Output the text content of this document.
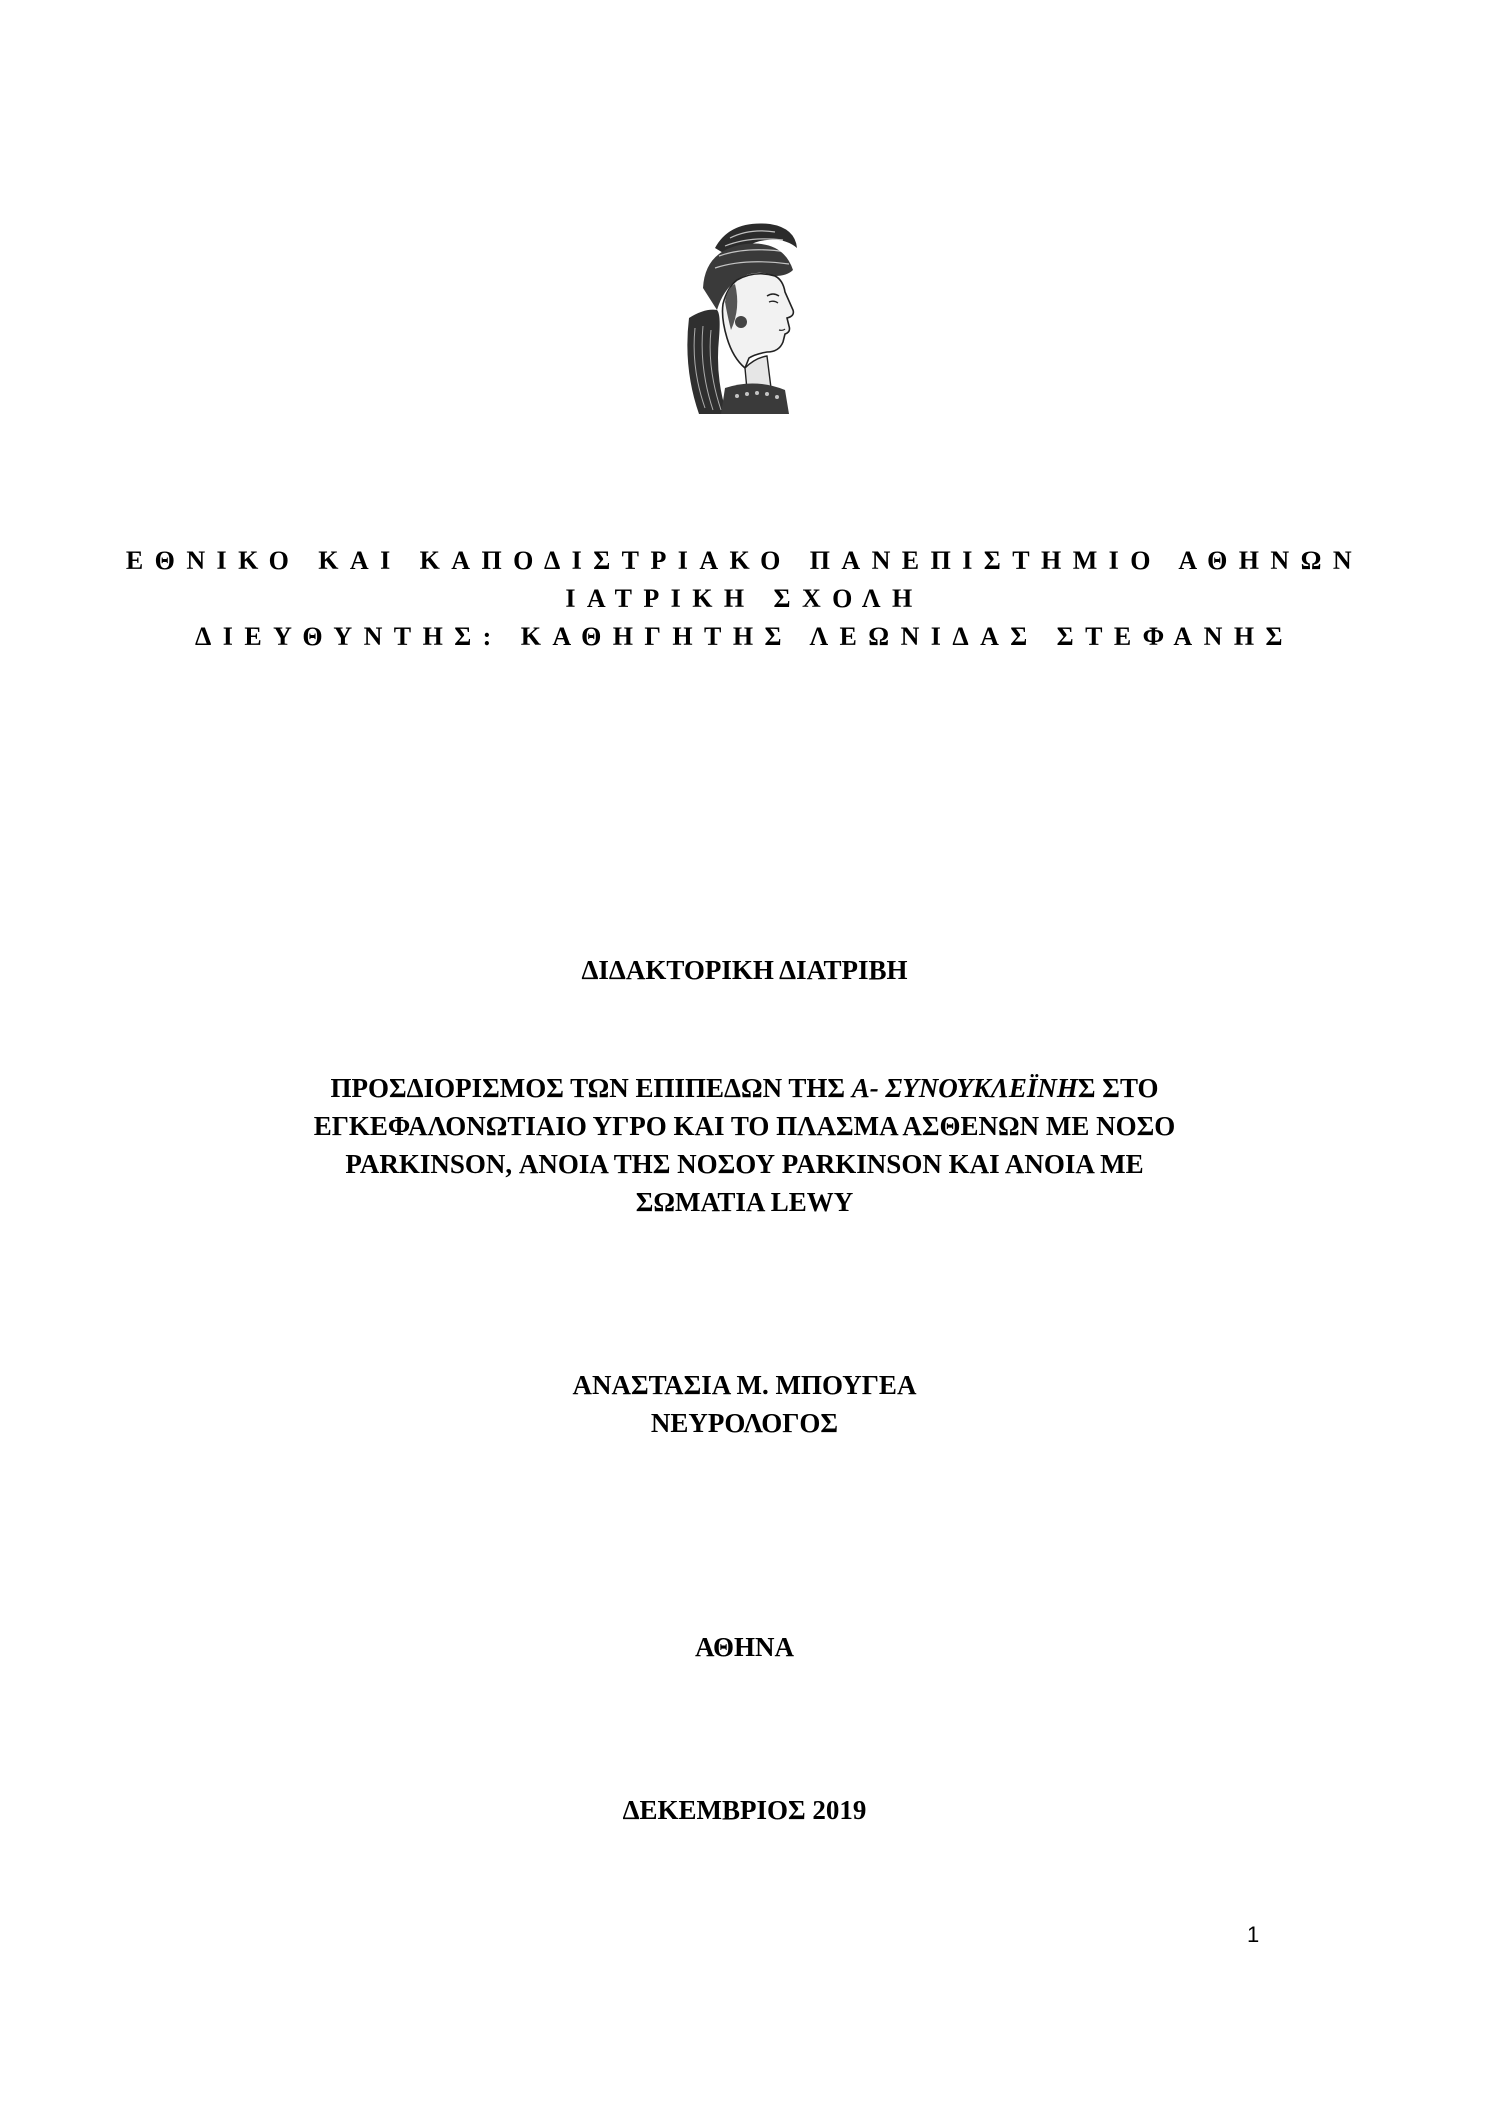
ΕΘΝΙΚΟ ΚΑΙ ΚΑΠΟΔΙΣΤΡΙΑΚΟ ΠΑΝΕΠΙΣΤΗΜΙΟ ΑΘΗΝΩΝ
ΙΑΤΡΙΚΗ ΣΧΟΛΗ
ΔΙΕΥΘΥΝΤΗΣ: ΚΑΘΗΓΗΤΗΣ ΛΕΩΝΙΔΑΣ ΣΤΕΦΑΝΗΣ
ΔΙΔΑΚΤΟΡΙΚΗ ΔΙΑΤΡΙΒΗ
ΠΡΟΣΔΙΟΡΙΣΜΟΣ ΤΩΝ ΕΠΙΠΕΔΩΝ ΤΗΣ Α- ΣΥΝΟΥΚΛΕΪΝΗΣ ΣΤΟ
ΕΓΚΕΦΑΛΟΝΩΤΙΑΙΟ ΥΓΡΟ ΚΑΙ ΤΟ ΠΛΑΣΜΑ ΑΣΘΕΝΩΝ ΜΕ ΝΟΣΟ
PARKINSON, ΑΝΟΙΑ ΤΗΣ ΝΟΣΟΥ PARKINSON ΚΑΙ ΑΝΟΙΑ ΜΕ
ΣΩΜΑΤΙΑ LEWY
ΑΝΑΣΤΑΣΙΑ Μ. ΜΠΟΥΓΕΑ
ΝΕΥΡΟΛΟΓΟΣ
ΑΘΗΝΑ
ΔΕΚΕΜΒΡΙΟΣ 2019
1
